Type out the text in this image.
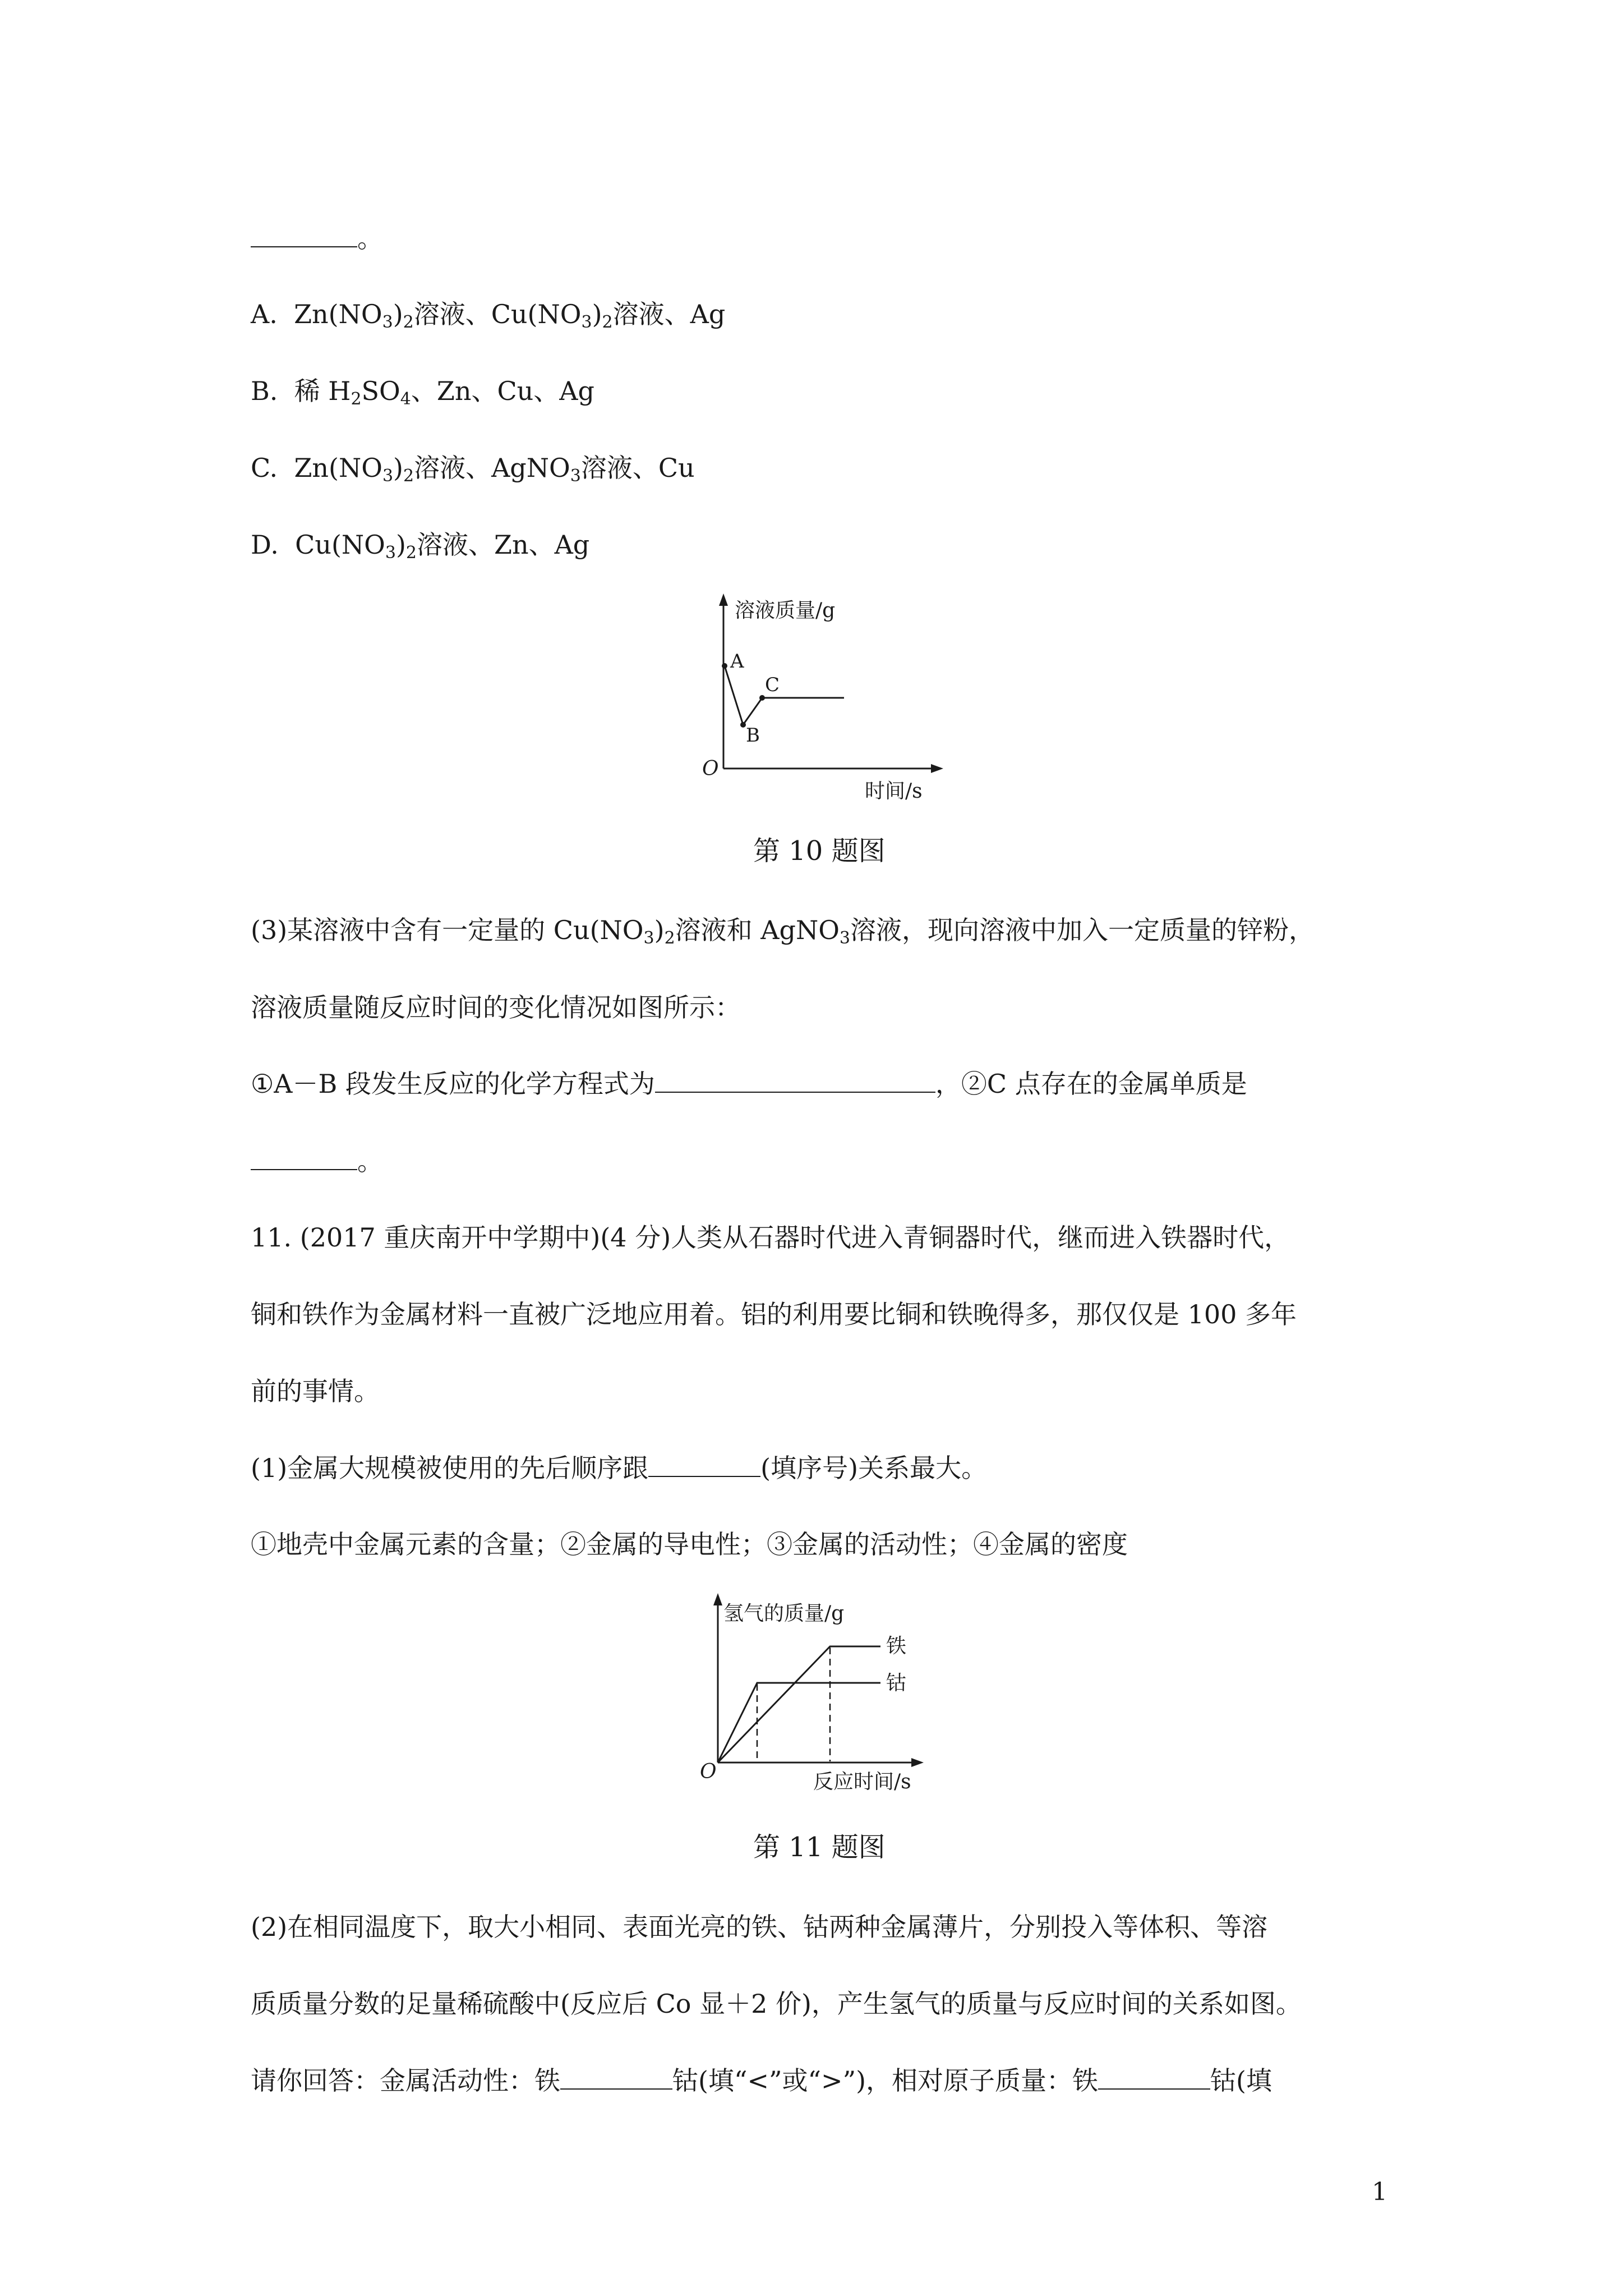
。
A. $Zn(NO_3)_2$溶液、$Cu(NO_3)_2$溶液、Ag
B. 稀 $H_2SO_4$、Zn、Cu、Ag
C. $Zn(NO_3)_2$溶液、AgNO$_3$溶液、Cu
D. $Cu(NO_3)_2$溶液、Zn、Ag
溶液质量/g
时间/s
O
A
B
C
第 10 题图
(3)某溶液中含有一定量的 $Cu(NO_3)_2$溶液和 AgNO$_3$溶液，现向溶液中加入一定质量的锌粉，
溶液质量随反应时间的变化情况如图所示：
①A－B 段发生反应的化学方程式为	，②C 点存在的金属单质是
。
11. (2017 重庆南开中学期中)(4 分)人类从石器时代进入青铜器时代，继而进入铁器时代，
铜和铁作为金属材料一直被广泛地应用着。铝的利用要比铜和铁晚得多，那仅仅是 100 多年
前的事情。
(1)金属大规模被使用的先后顺序跟	(填序号)关系最大。
①地壳中金属元素的含量；②金属的导电性；③金属的活动性；④金属的密度
氢气的质量/g
反应时间/s
O
铁
钴
第 11 题图
(2)在相同温度下，取大小相同、表面光亮的铁、钴两种金属薄片，分别投入等体积、等溶
质质量分数的足量稀硫酸中(反应后 Co 显＋2 价)，产生氢气的质量与反应时间的关系如图。
请你回答：金属活动性：铁	钴(填“<”或“>”)，相对原子质量：铁	钴(填
1
